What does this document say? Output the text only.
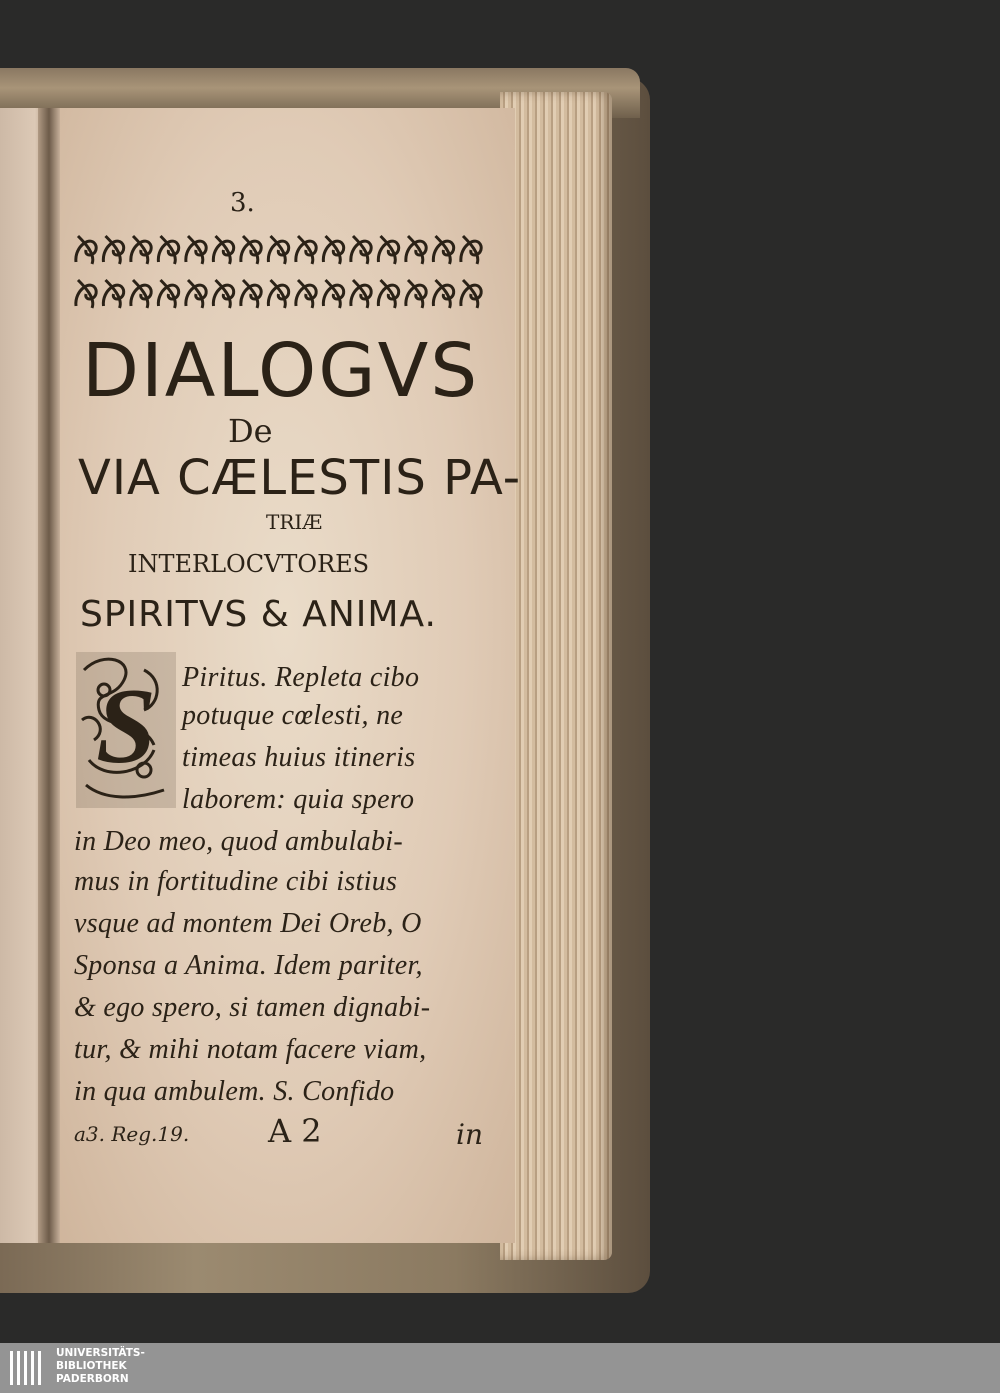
3.
DIALOGVS
De
VIA CÆLESTIS PA-
TRIÆ
INTERLOCVTORES
SPIRITVS & ANIMA.
S Piritus. Repleta cibo
potuque cœlesti, ne
timeas huius itineris
laborem: quia spero
in Deo meo, quod ambulabi-
mus in fortitudine cibi istius
vsque ad montem Dei Oreb, O
Sponsa a Anima. Idem pariter,
& ego spero, si tamen dignabi-
tur, & mihi notam facere viam,
in qua ambulem. S. Confido
a3. Reg.19. A 2	in
UNIVERSITÄTS-
BIBLIOTHEK
PADERBORN
